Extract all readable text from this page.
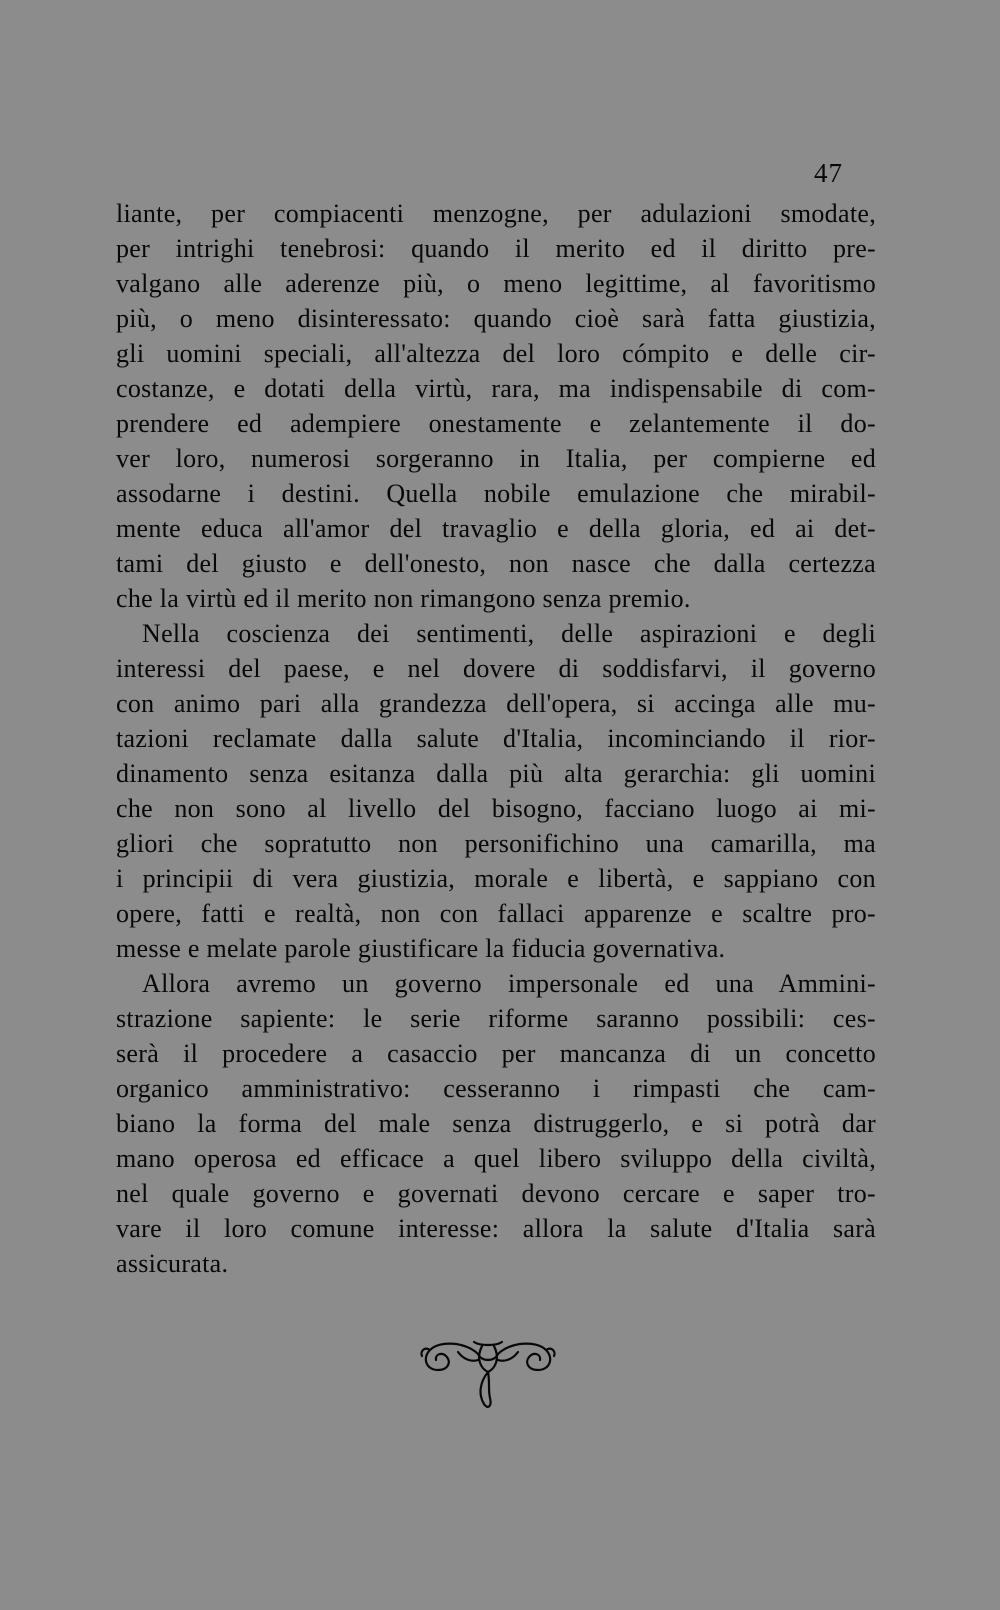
47
liante, per compiacenti menzogne, per adulazioni smodate,
per intrighi tenebrosi: quando il merito ed il diritto pre-
valgano alle aderenze più, o meno legittime, al favoritismo
più, o meno disinteressato: quando cioè sarà fatta giustizia,
gli uomini speciali, all'altezza del loro cómpito e delle cir-
costanze, e dotati della virtù, rara, ma indispensabile di com-
prendere ed adempiere onestamente e zelantemente il do-
ver loro, numerosi sorgeranno in Italia, per compierne ed
assodarne i destini. Quella nobile emulazione che mirabil-
mente educa all'amor del travaglio e della gloria, ed ai det-
tami del giusto e dell'onesto, non nasce che dalla certezza
che la virtù ed il merito non rimangono senza premio.
Nella coscienza dei sentimenti, delle aspirazioni e degli
interessi del paese, e nel dovere di soddisfarvi, il governo
con animo pari alla grandezza dell'opera, si accinga alle mu-
tazioni reclamate dalla salute d'Italia, incominciando il rior-
dinamento senza esitanza dalla più alta gerarchia: gli uomini
che non sono al livello del bisogno, facciano luogo ai mi-
gliori che sopratutto non personifichino una camarilla, ma
i principii di vera giustizia, morale e libertà, e sappiano con
opere, fatti e realtà, non con fallaci apparenze e scaltre pro-
messe e melate parole giustificare la fiducia governativa.
Allora avremo un governo impersonale ed una Ammini-
strazione sapiente: le serie riforme saranno possibili: ces-
serà il procedere a casaccio per mancanza di un concetto
organico amministrativo: cesseranno i rimpasti che cam-
biano la forma del male senza distruggerlo, e si potrà dar
mano operosa ed efficace a quel libero sviluppo della civiltà,
nel quale governo e governati devono cercare e saper tro-
vare il loro comune interesse: allora la salute d'Italia sarà
assicurata.
